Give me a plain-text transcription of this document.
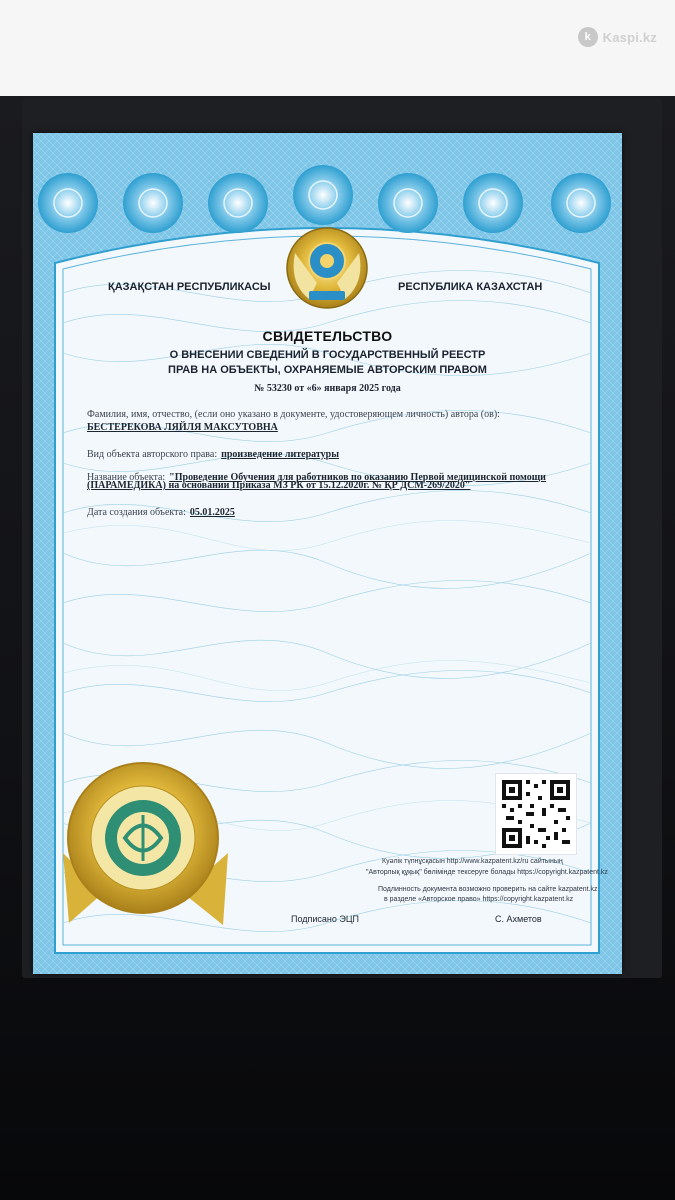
k Kaspi.kz
ҚАЗАҚСТАН РЕСПУБЛИКАСЫ	РЕСПУБЛИКА КАЗАХСТАН
СВИДЕТЕЛЬСТВО
О ВНЕСЕНИИ СВЕДЕНИЙ В ГОСУДАРСТВЕННЫЙ РЕЕСТР
ПРАВ НА ОБЪЕКТЫ, ОХРАНЯЕМЫЕ АВТОРСКИМ ПРАВОМ
№ 53230 от «6» января 2025 года
Фамилия, имя, отчество, (если оно указано в документе, удостоверяющем личность) автора (ов):
БЕСТЕРЕКОВА ЛЯЙЛЯ МАКСУТОВНА
Вид объекта авторского права: произведение литературы
Название объекта: "Проведение Обучения для работников по оказанию Первой медицинской помощи
(ПАРАМЕДИКА) на основании Приказа МЗ РК от 15.12.2020г. № ҚР ДСМ-269/2020"
Дата создания объекта: 05.01.2025
Куәлік түпнұсқасын http://www.kazpatent.kz/ru сайтының
"Авторлық құқық" бөлімінде тексеруге болады https://copyright.kazpatent.kz
Подлинность документа возможно проверить на сайте kazpatent.kz
в разделе «Авторское право» https://copyright.kazpatent.kz
Подписано ЭЦП	С. Ахметов
